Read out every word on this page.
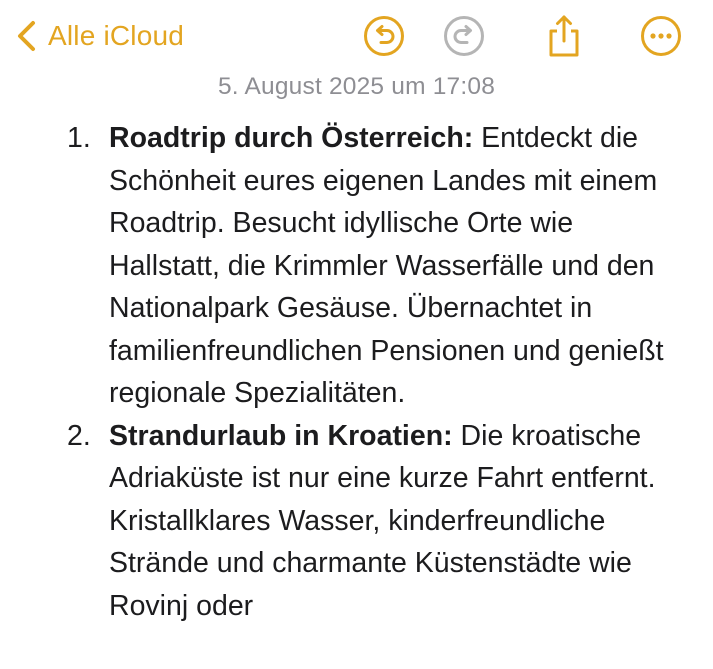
Alle iCloud
5. August 2025 um 17:08
1. Roadtrip durch Österreich: Entdeckt die Schönheit eures eigenen Landes mit einem Roadtrip. Besucht idyllische Orte wie Hallstatt, die Krimmler Wasserfälle und den Nationalpark Gesäuse. Übernachtet in familienfreundlichen Pensionen und genießt regionale Spezialitäten.
2. Strandurlaub in Kroatien: Die kroatische Adriaküste ist nur eine kurze Fahrt entfernt. Kristallklares Wasser, kinderfreundliche Strände und charmante Küstenstädte wie Rovinj oder
